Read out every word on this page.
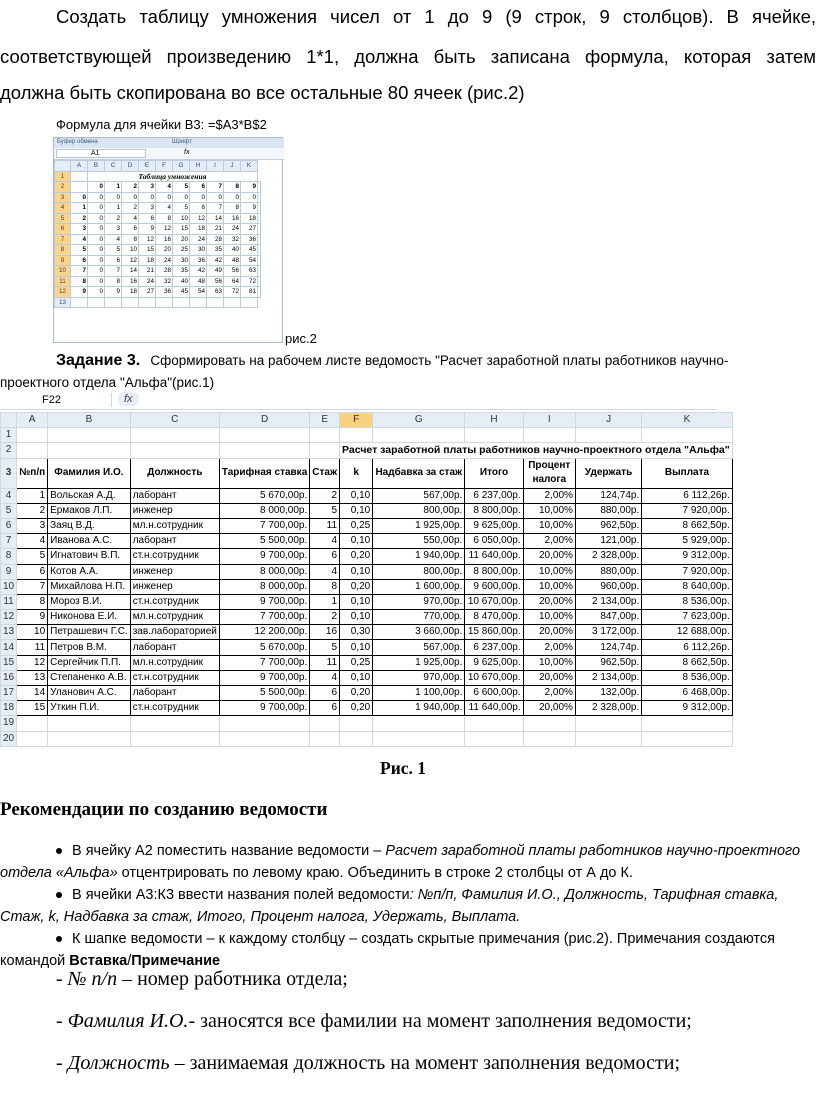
Создать таблицу умножения чисел от 1 до 9 (9 строк, 9 столбцов). В ячейке,

соответствующей произведению 1*1, должна быть записана формула, которая затем

должна быть скопирована во все остальные 80 ячеек (рис.2)

Формула для ячейки B3: =$A3*B$2
Буфер обмена	Шрифт
A1	fx
	A	B	C	D	E	F	G	H	I	J	K	
1		Таблица умножения										
2		0	1	2	3	4	5	6	7	8	9	
3	0	0	0	0	0	0	0	0	0	0	0	
4	1	0	1	2	3	4	5	6	7	8	9	
5	2	0	2	4	6	8	10	12	14	16	18	
6	3	0	3	6	9	12	15	18	21	24	27	
7	4	0	4	8	12	16	20	24	28	32	36	
8	5	0	5	10	15	20	25	30	35	40	45	
9	6	0	6	12	18	24	30	36	42	48	54	
10	7	0	7	14	21	28	35	42	49	56	63	
11	8	0	8	16	24	32	40	48	56	64	72	
12	9	0	9	18	27	36	45	54	63	72	81	
13												
рис.2
Задание 3. Сформировать на рабочем листе ведомость "Расчет заработной платы работников научно-
проектного отдела "Альфа"(рис.1)
F22	fx
	A	B	C	D	E	F	G	H	I	J	K
1											
2						Расчет заработной платы работников научно-проектного отдела "Альфа"					
3	№п/п	Фамилия И.О.	Должность	Тарифная ставка	Стаж	k	Надбавка за стаж	Итого	Процент налога	Удержать	Выплата
4	1	Вольская А.Д.	лаборант	5 670,00р.	2	0,10	567,00р.	6 237,00р.	2,00%	124,74р.	6 112,26р.
5	2	Ермаков Л.П.	инженер	8 000,00р.	5	0,10	800,00р.	8 800,00р.	10,00%	880,00р.	7 920,00р.
6	3	Заяц В.Д.	мл.н.сотрудник	7 700,00р.	11	0,25	1 925,00р.	9 625,00р.	10,00%	962,50р.	8 662,50р.
7	4	Иванова А.С.	лаборант	5 500,00р.	4	0,10	550,00р.	6 050,00р.	2,00%	121,00р.	5 929,00р.
8	5	Игнатович В.П.	ст.н.сотрудник	9 700,00р.	6	0,20	1 940,00р.	11 640,00р.	20,00%	2 328,00р.	9 312,00р.
9	6	Котов А.А.	инженер	8 000,00р.	4	0,10	800,00р.	8 800,00р.	10,00%	880,00р.	7 920,00р.
10	7	Михайлова Н.П.	инженер	8 000,00р.	8	0,20	1 600,00р.	9 600,00р.	10,00%	960,00р.	8 640,00р.
11	8	Мороз В.И.	ст.н.сотрудник	9 700,00р.	1	0,10	970,00р.	10 670,00р.	20,00%	2 134,00р.	8 536,00р.
12	9	Никонова Е.И.	мл.н.сотрудник	7 700,00р.	2	0,10	770,00р.	8 470,00р.	10,00%	847,00р.	7 623,00р.
13	10	Петрашевич Г.С.	зав.лабораторией	12 200,00р.	16	0,30	3 660,00р.	15 860,00р.	20,00%	3 172,00р.	12 688,00р.
14	11	Петров В.М.	лаборант	5 670,00р.	5	0,10	567,00р.	6 237,00р.	2,00%	124,74р.	6 112,26р.
15	12	Сергейчик П.П.	мл.н.сотрудник	7 700,00р.	11	0,25	1 925,00р.	9 625,00р.	10,00%	962,50р.	8 662,50р.
16	13	Степаненко А.В.	ст.н.сотрудник	9 700,00р.	4	0,10	970,00р.	10 670,00р.	20,00%	2 134,00р.	8 536,00р.
17	14	Уланович А.С.	лаборант	5 500,00р.	6	0,20	1 100,00р.	6 600,00р.	2,00%	132,00р.	6 468,00р.
18	15	Уткин П.И.	ст.н.сотрудник	9 700,00р.	6	0,20	1 940,00р.	11 640,00р.	20,00%	2 328,00р.	9 312,00р.
19											
20											
Рис. 1
Рекомендации по созданию ведомости
В ячейку А2 поместить название ведомости – Расчет заработной платы работников научно-проектного
отдела «Альфа» отцентрировать по левому краю. Объединить в строке 2 столбцы от А до К.
В ячейки А3:К3 ввести названия полей ведомости: №п/п, Фамилия И.О., Должность, Тарифная ставка,
Стаж, k, Надбавка за стаж, Итого, Процент налога, Удержать, Выплата.
К шапке ведомости – к каждому столбцу – создать скрытые примечания (рис.2). Примечания создаются
командой Вставка/Примечание
- № п/п – номер работника отдела;
- Фамилия И.О.- заносятся все фамилии на момент заполнения ведомости;
- Должность – занимаемая должность на момент заполнения ведомости;
